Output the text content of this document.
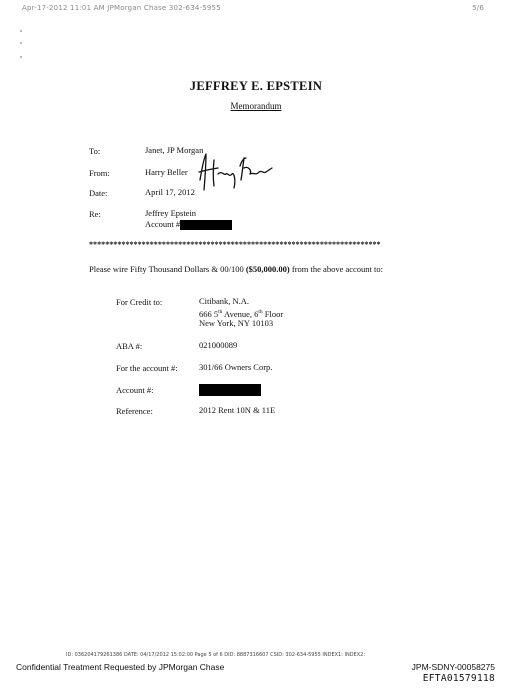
Apr-17-2012 11:01 AM JPMorgan Chase 302-634-5955	5/6
JEFFREY E. EPSTEIN
Memorandum
To:	Janet, JP Morgan
From:	Harry Beller
Date:	April 17, 2012
Re:	Jeffrey Epstein
Account #
************************************************************************
Please wire Fifty Thousand Dollars & 00/100 ($50,000.00) from the above account to:
For Credit to:	Citibank, N.A.
666 5th Avenue, 6th Floor
New York, NY 10103
ABA #:	021000089
For the account #:	301/66 Owners Corp.
Account #:
Reference:	2012 Rent 10N & 11E
ID: 036204179261386 DATE: 04/17/2012 15:02:00 Page 5 of 6 DID: 8887316607 CSID: 302-634-5955 INDEX1: INDEX2:
Confidential Treatment Requested by JPMorgan Chase	JPM-SDNY-00058275
EFTA01579118
